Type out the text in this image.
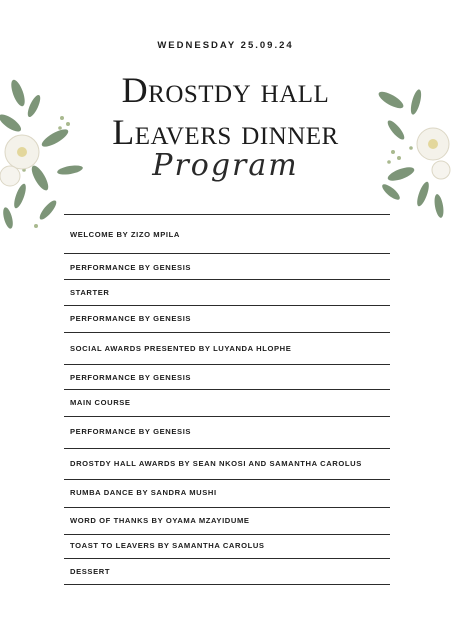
WEDNESDAY 25.09.24
Drostdy hall
Leavers dinner
Program
WELCOME BY ZIZO MPILA
PERFORMANCE BY GENESIS
STARTER
PERFORMANCE BY GENESIS
SOCIAL AWARDS PRESENTED BY LUYANDA HLOPHE
PERFORMANCE BY GENESIS
MAIN COURSE
PERFORMANCE BY GENESIS
DROSTDY HALL AWARDS BY SEAN NKOSI AND SAMANTHA CAROLUS
RUMBA DANCE BY SANDRA MUSHI
WORD OF THANKS BY OYAMA MZAYIDUME
TOAST TO LEAVERS BY SAMANTHA CAROLUS
DESSERT
